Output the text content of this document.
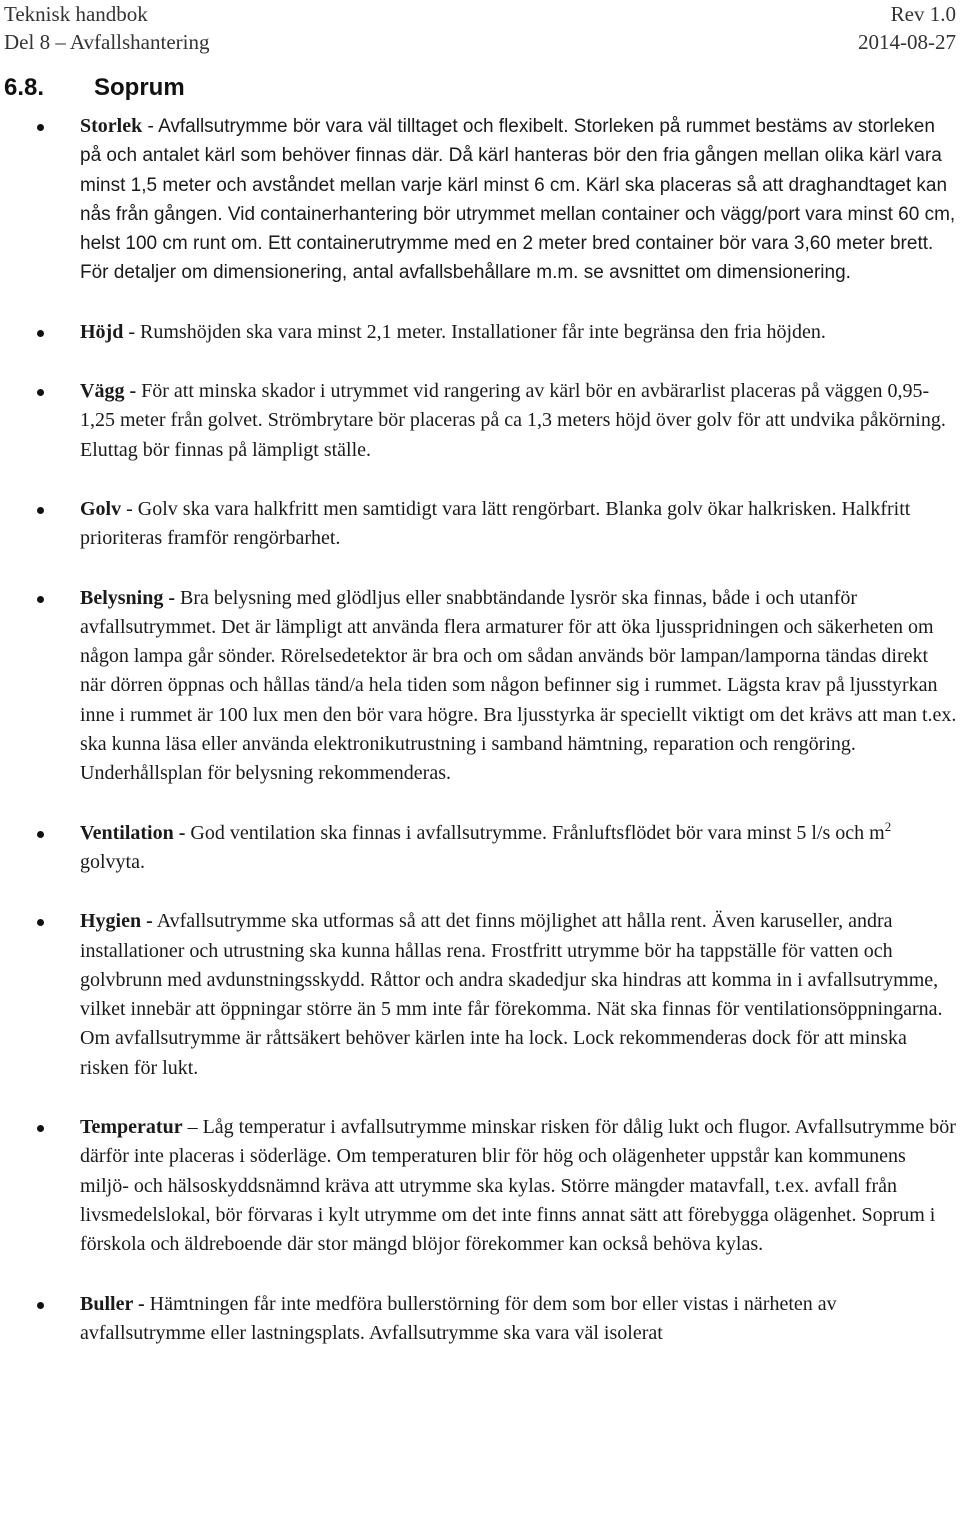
Teknisk handbok	Rev 1.0
Del 8 – Avfallshantering	2014-08-27
6.8. Soprum
Storlek - Avfallsutrymme bör vara väl tilltaget och flexibelt. Storleken på rummet bestäms av storleken på och antalet kärl som behöver finnas där. Då kärl hanteras bör den fria gången mellan olika kärl vara minst 1,5 meter och avståndet mellan varje kärl minst 6 cm. Kärl ska placeras så att draghandtaget kan nås från gången. Vid containerhantering bör utrymmet mellan container och vägg/port vara minst 60 cm, helst 100 cm runt om. Ett containerutrymme med en 2 meter bred container bör vara 3,60 meter brett. För detaljer om dimensionering, antal avfallsbehållare m.m. se avsnittet om dimensionering.
Höjd - Rumshöjden ska vara minst 2,1 meter. Installationer får inte begränsa den fria höjden.
Vägg - För att minska skador i utrymmet vid rangering av kärl bör en avbärarlist placeras på väggen 0,95-1,25 meter från golvet. Strömbrytare bör placeras på ca 1,3 meters höjd över golv för att undvika påkörning. Eluttag bör finnas på lämpligt ställe.
Golv - Golv ska vara halkfritt men samtidigt vara lätt rengörbart. Blanka golv ökar halkrisken. Halkfritt prioriteras framför rengörbarhet.
Belysning - Bra belysning med glödljus eller snabbtändande lysrör ska finnas, både i och utanför avfallsutrymmet. Det är lämpligt att använda flera armaturer för att öka ljusspridningen och säkerheten om någon lampa går sönder. Rörelsedetektor är bra och om sådan används bör lampan/lamporna tändas direkt när dörren öppnas och hållas tänd/a hela tiden som någon befinner sig i rummet. Lägsta krav på ljusstyrkan inne i rummet är 100 lux men den bör vara högre. Bra ljusstyrka är speciellt viktigt om det krävs att man t.ex. ska kunna läsa eller använda elektronikutrustning i samband hämtning, reparation och rengöring. Underhållsplan för belysning rekommenderas.
Ventilation - God ventilation ska finnas i avfallsutrymme. Frånluftsflödet bör vara minst 5 l/s och $m^2$ golvyta.
Hygien - Avfallsutrymme ska utformas så att det finns möjlighet att hålla rent. Även karuseller, andra installationer och utrustning ska kunna hållas rena. Frostfritt utrymme bör ha tappställe för vatten och golvbrunn med avdunstningsskydd. Råttor och andra skadedjur ska hindras att komma in i avfallsutrymme, vilket innebär att öppningar större än 5 mm inte får förekomma. Nät ska finnas för ventilationsöppningarna. Om avfallsutrymme är råttsäkert behöver kärlen inte ha lock. Lock rekommenderas dock för att minska risken för lukt.
Temperatur – Låg temperatur i avfallsutrymme minskar risken för dålig lukt och flugor. Avfallsutrymme bör därför inte placeras i söderläge. Om temperaturen blir för hög och olägenheter uppstår kan kommunens miljö- och hälsoskyddsnämnd kräva att utrymme ska kylas. Större mängder matavfall, t.ex. avfall från livsmedelslokal, bör förvaras i kylt utrymme om det inte finns annat sätt att förebygga olägenhet. Soprum i förskola och äldreboende där stor mängd blöjor förekommer kan också behöva kylas.
Buller - Hämtningen får inte medföra bullerstörning för dem som bor eller vistas i närheten av avfallsutrymme eller lastningsplats. Avfallsutrymme ska vara väl isolerat
